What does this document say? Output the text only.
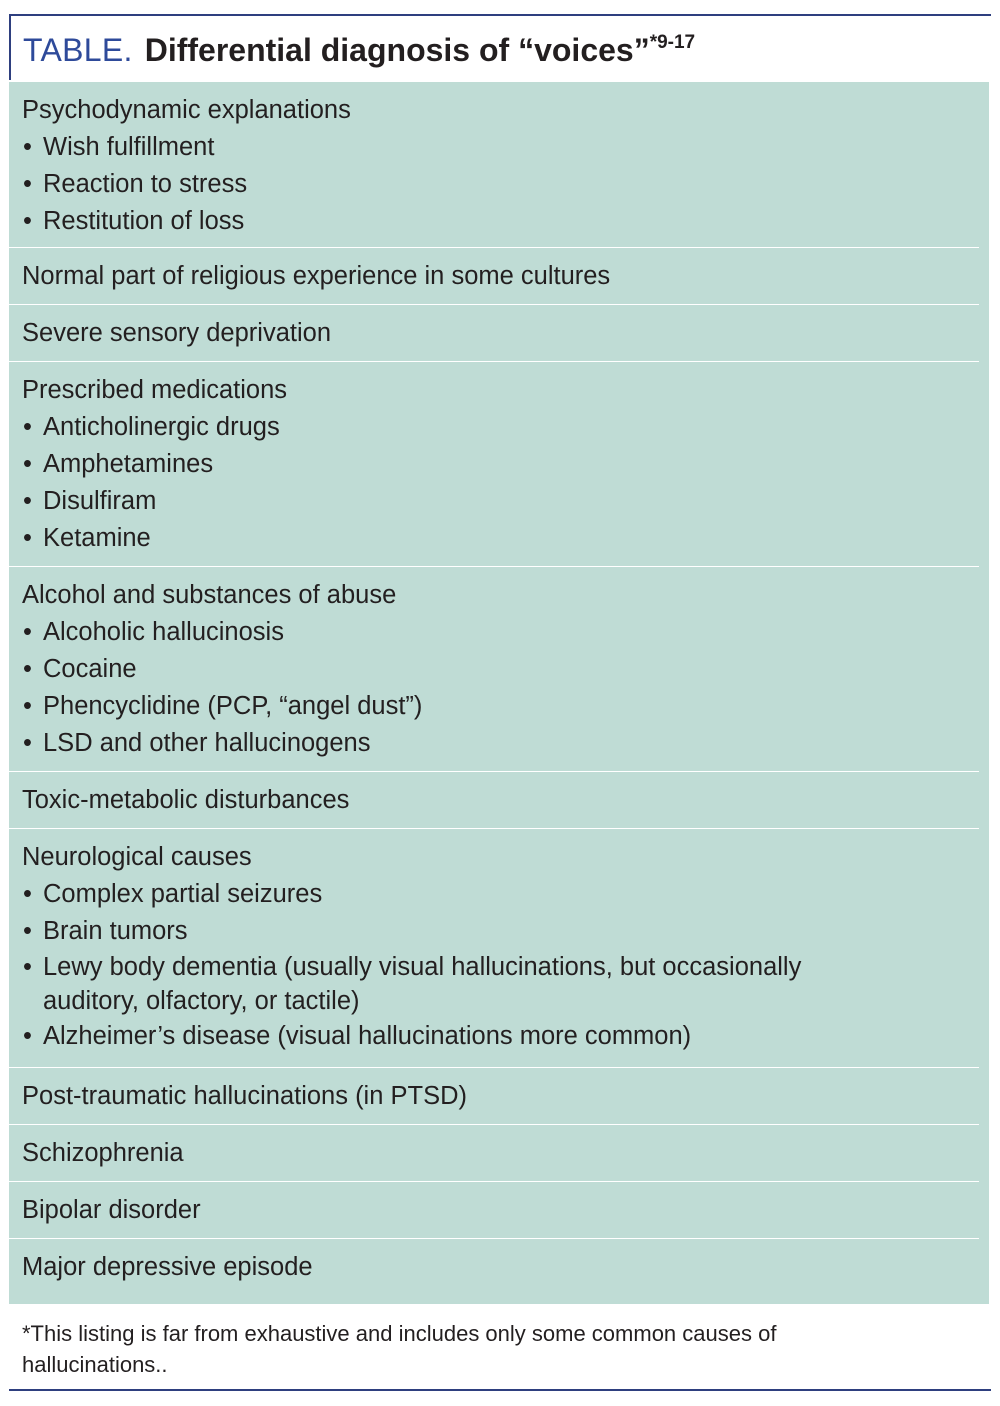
TABLE. Differential diagnosis of “voices”$^{*9-17}$
Psychodynamic explanations
• Wish fulfillment
• Reaction to stress
• Restitution of loss
Normal part of religious experience in some cultures
Severe sensory deprivation
Prescribed medications
• Anticholinergic drugs
• Amphetamines
• Disulfiram
• Ketamine
Alcohol and substances of abuse
• Alcoholic hallucinosis
• Cocaine
• Phencyclidine (PCP, “angel dust”)
• LSD and other hallucinogens
Toxic-metabolic disturbances
Neurological causes
• Complex partial seizures
• Brain tumors
• Lewy body dementia (usually visual hallucinations, but occasionally
auditory, olfactory, or tactile)
• Alzheimer’s disease (visual hallucinations more common)
Post-traumatic hallucinations (in PTSD)
Schizophrenia
Bipolar disorder
Major depressive episode
*This listing is far from exhaustive and includes only some common causes of
hallucinations..
